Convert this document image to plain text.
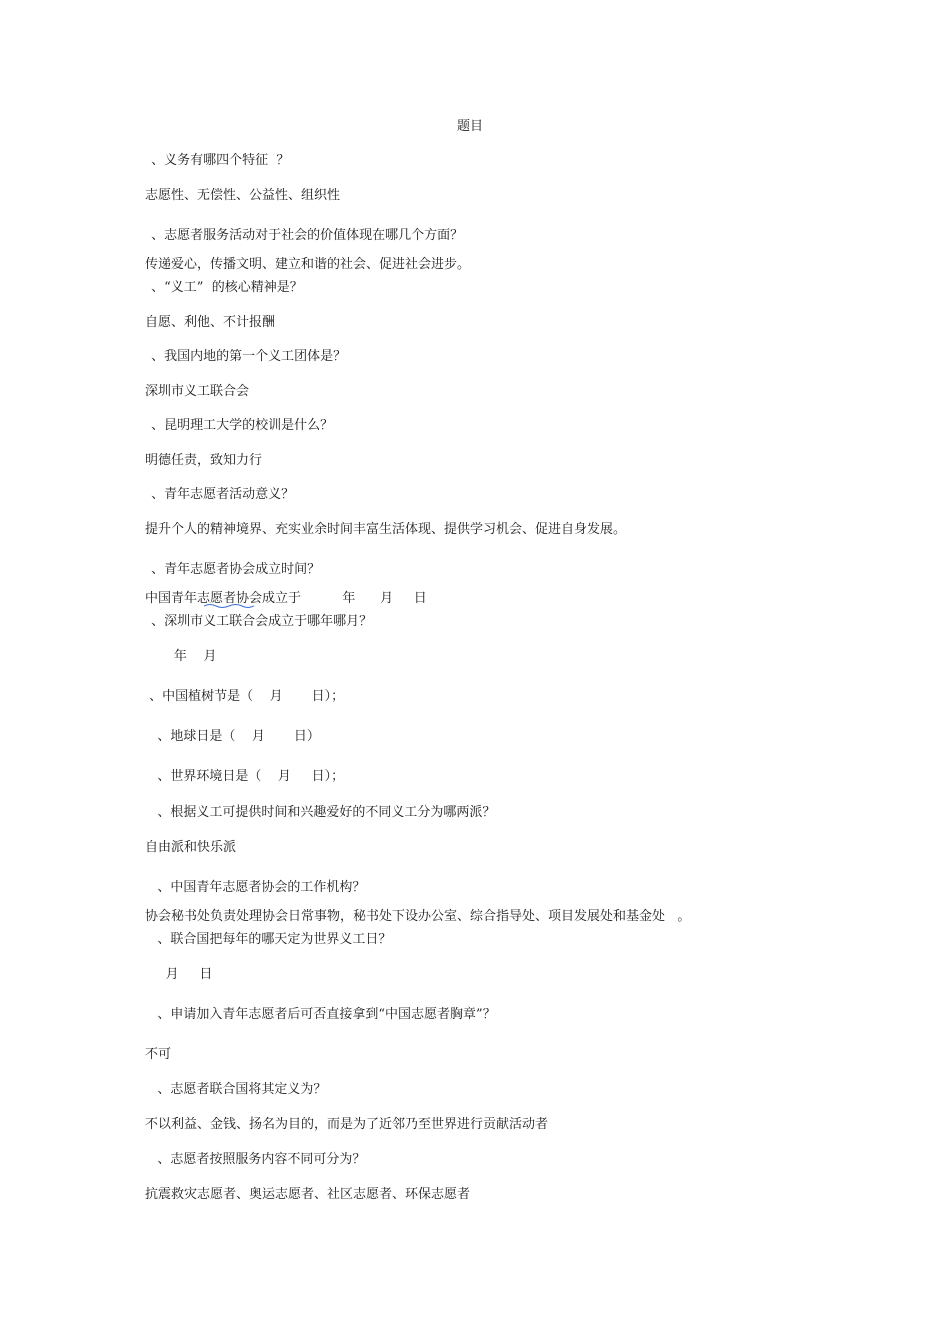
题目
、义务有哪四个特征  ？
志愿性、无偿性、公益性、组织性
、志愿者服务活动对于社会的价值体现在哪几个方面？
传递爱心，传播文明、建立和谐的社会、促进社会进步。
、“义工”  的核心精神是？
自愿、利他、不计报酬
、我国内地的第一个义工团体是？
深圳市义工联合会
、昆明理工大学的校训是什么？
明德任责，致知力行
、青年志愿者活动意义？
提升个人的精神境界、充实业余时间丰富生活体现、提供学习机会、促进自身发展。
、青年志愿者协会成立时间？
中国青年志愿者协会成立于          年      月     日
、深圳市义工联合会成立于哪年哪月？
年    月
、中国植树节是（    月       日）；
、地球日是（    月       日）
、世界环境日是（    月     日）；
、根据义工可提供时间和兴趣爱好的不同义工分为哪两派？
自由派和快乐派
、中国青年志愿者协会的工作机构？
协会秘书处负责处理协会日常事物，秘书处下设办公室、综合指导处、项目发展处和基金处   。
、联合国把每年的哪天定为世界义工日？
月     日
、申请加入青年志愿者后可否直接拿到“中国志愿者胸章”？
不可
、志愿者联合国将其定义为？
不以利益、金钱、扬名为目的，而是为了近邻乃至世界进行贡献活动者
、志愿者按照服务内容不同可分为？
抗震救灾志愿者、奥运志愿者、社区志愿者、环保志愿者
